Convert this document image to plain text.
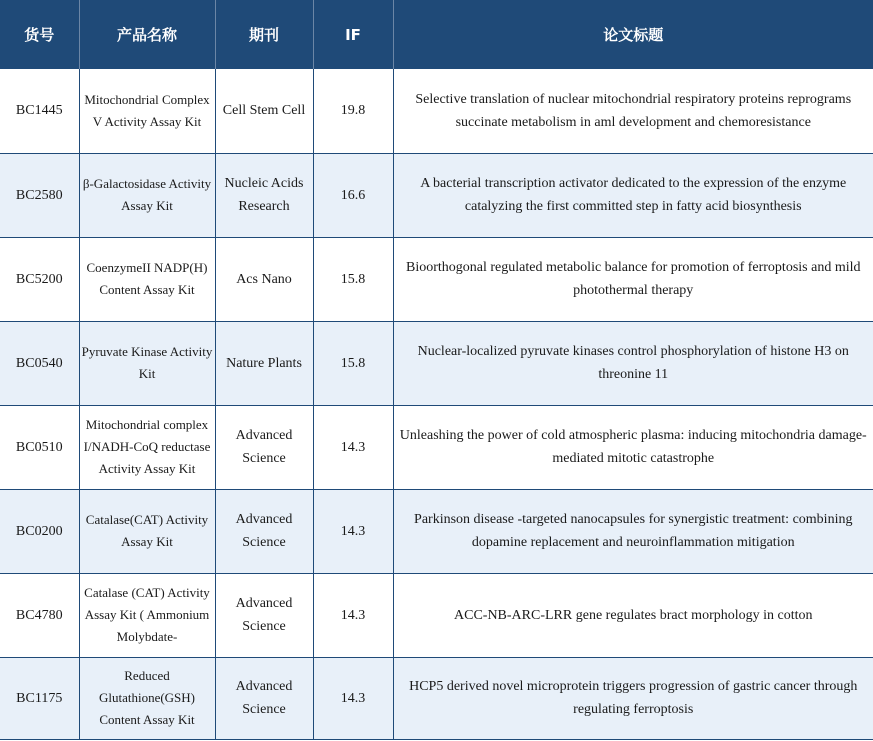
货号	产品名称	期刊	IF	论文标题
BC1445	Mitochondrial Complex V Activity Assay Kit	Cell Stem Cell	19.8	Selective translation of nuclear mitochondrial respiratory proteins reprograms succinate metabolism in aml development and chemoresistance
BC2580	β-Galactosidase Activity Assay Kit	Nucleic Acids Research	16.6	A bacterial transcription activator dedicated to the expression of the enzyme catalyzing the first committed step in fatty acid biosynthesis
BC5200	CoenzymeII NADP(H) Content Assay Kit	Acs Nano	15.8	Bioorthogonal regulated metabolic balance for promotion of ferroptosis and mild photothermal therapy
BC0540	Pyruvate Kinase Activity Kit	Nature Plants	15.8	Nuclear-localized pyruvate kinases control phosphorylation of histone H3 on threonine 11
BC0510	Mitochondrial complex I/NADH-CoQ reductase Activity Assay Kit	Advanced Science	14.3	Unleashing the power of cold atmospheric plasma: inducing mitochondria damage-mediated mitotic catastrophe
BC0200	Catalase(CAT) Activity Assay Kit	Advanced Science	14.3	Parkinson disease -targeted nanocapsules for synergistic treatment: combining dopamine replacement and neuroinflammation mitigation
BC4780	Catalase (CAT) Activity Assay Kit ( Ammonium Molybdate-	Advanced Science	14.3	ACC-NB-ARC-LRR gene regulates bract morphology in cotton
BC1175	Reduced Glutathione(GSH) Content Assay Kit	Advanced Science	14.3	HCP5 derived novel microprotein triggers progression of gastric cancer through regulating ferroptosis
